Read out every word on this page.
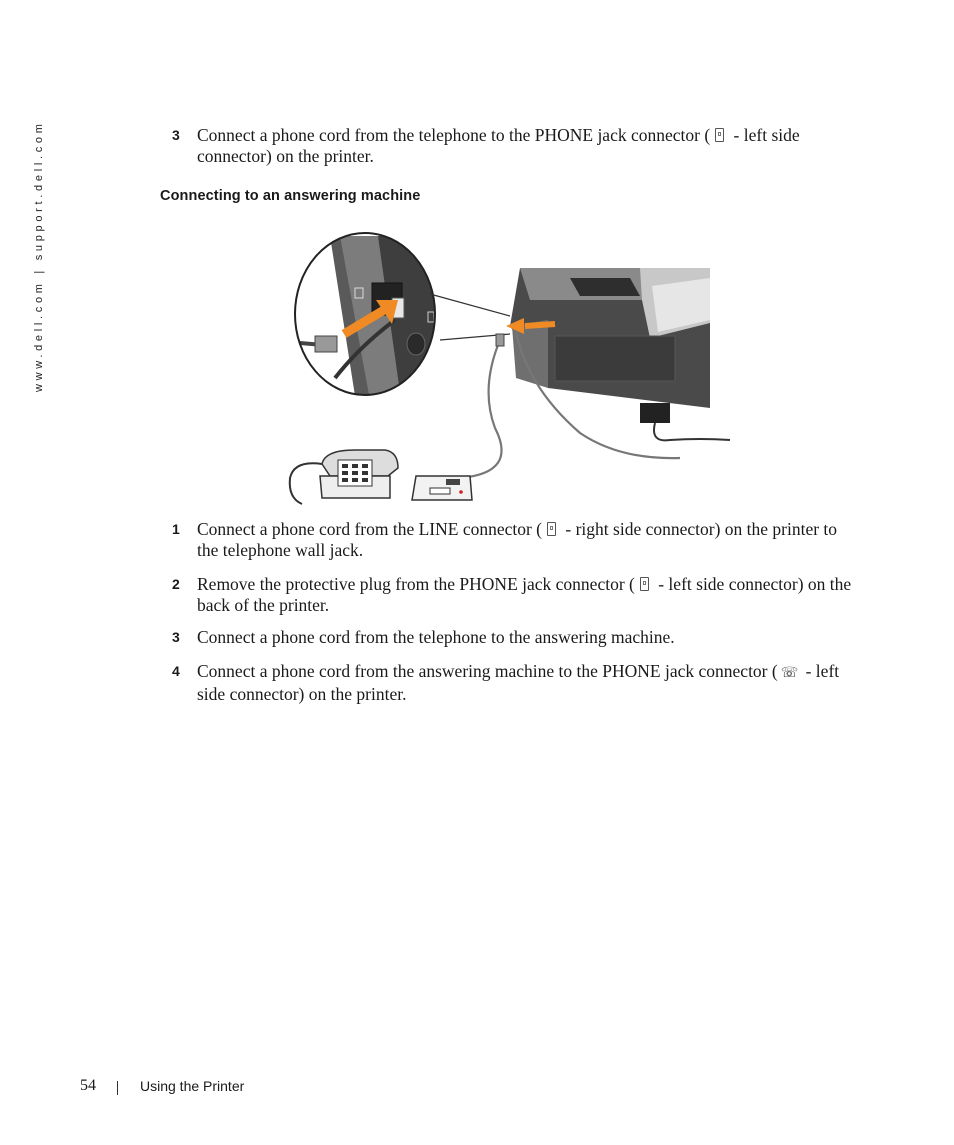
www.dell.com | support.dell.com	3 Connect a phone cord from the telephone to the PHONE jack connector ( - left side connector) on the printer.
Connecting to an answering machine
1 Connect a phone cord from the LINE connector ( - right side connector) on the printer to the telephone wall jack.
2 Remove the protective plug from the PHONE jack connector ( - left side connector) on the back of the printer.
3 Connect a phone cord from the telephone to the answering machine.
4 Connect a phone cord from the answering machine to the PHONE jack connector ( ☏ - left side connector) on the printer.
54	Using the Printer
